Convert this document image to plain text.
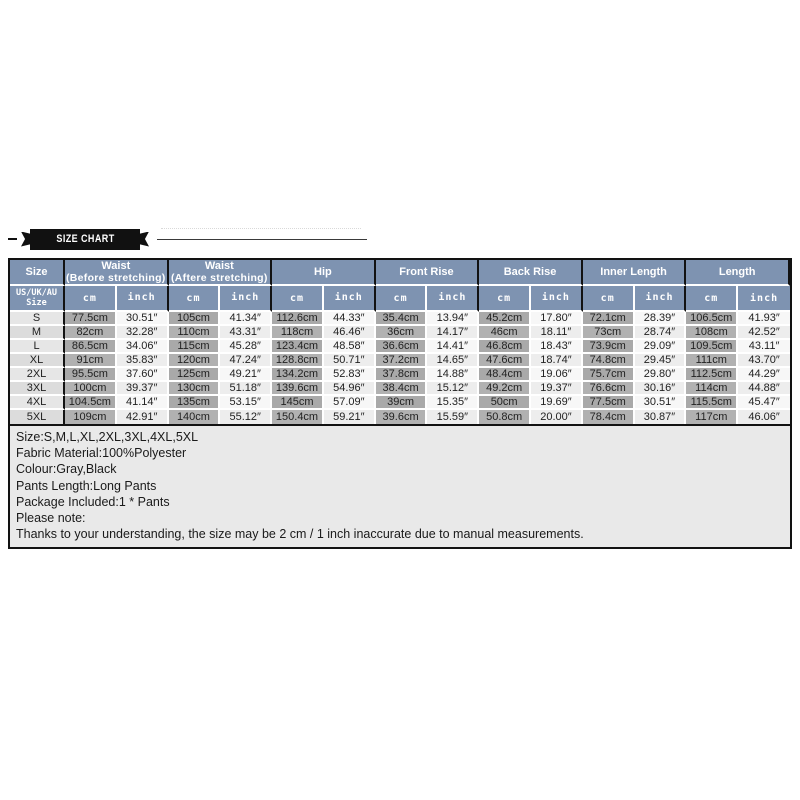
SIZE CHART
Size	Waist
(Before stretching)

Waist
(Aftere stretching)	Hip	Front Rise	Back Rise	Inner Length	Length

US/UK/AU
Size	cm	inch	cm	inch	cm	inch	cm	inch	cm	inch	cm	inch	cm	inch
S	77.5cm	30.51″	105cm	41.34″	112.6cm	44.33″	35.4cm	13.94″	45.2cm	17.80″	72.1cm	28.39″	106.5cm	41.93″
M	82cm	32.28″	110cm	43.31″	118cm	46.46″	36cm	14.17″	46cm	18.11″	73cm	28.74″	108cm	42.52″
L	86.5cm	34.06″	115cm	45.28″	123.4cm	48.58″	36.6cm	14.41″	46.8cm	18.43″	73.9cm	29.09″	109.5cm	43.11″
XL	91cm	35.83″	120cm	47.24″	128.8cm	50.71″	37.2cm	14.65″	47.6cm	18.74″	74.8cm	29.45″	111cm	43.70″
2XL	95.5cm	37.60″	125cm	49.21″	134.2cm	52.83″	37.8cm	14.88″	48.4cm	19.06″	75.7cm	29.80″	112.5cm	44.29″
3XL	100cm	39.37″	130cm	51.18″	139.6cm	54.96″	38.4cm	15.12″	49.2cm	19.37″	76.6cm	30.16″	114cm	44.88″
4XL	104.5cm	41.14″	135cm	53.15″	145cm	57.09″	39cm	15.35″	50cm	19.69″	77.5cm	30.51″	115.5cm	45.47″
5XL	109cm	42.91″	140cm	55.12″	150.4cm	59.21″	39.6cm	15.59″	50.8cm	20.00″	78.4cm	30.87″	117cm	46.06″
Size:S,M,L,XL,2XL,3XL,4XL,5XL
Fabric Material:100%Polyester
Colour:Gray,Black
Pants Length:Long Pants
Package Included:1 * Pants
Please note:
Thanks to your understanding, the size may be 2 cm / 1 inch inaccurate due to manual measurements.
